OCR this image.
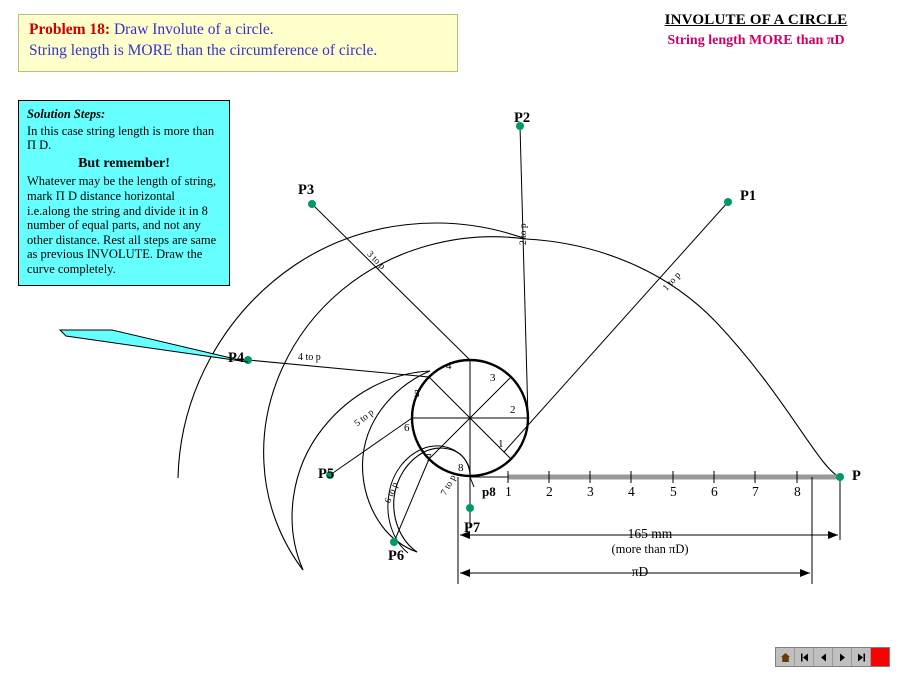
Problem 18: Draw Involute of a circle.
String length is MORE than the circumference of circle.
INVOLUTE OF A CIRCLE
String length MORE than πD
Solution Steps:

In this case string length is more than Π D.

But remember!

Whatever may be the length of string, mark Π D distance horizontal i.e.along the string and divide it in 8 number of equal parts, and not any other distance. Rest all steps are same as previous INVOLUTE. Draw the curve completely.

P
P1
P2
P3
P4
P5
P6
P7
p8
1 to p
2 to p
3 to p
4 to p
5 to p
6 to p	7 to p
1
2
3
4
5
6
7
8
1	2	3	4	5	6	7	8
165 mm
(more than πD)
πD
